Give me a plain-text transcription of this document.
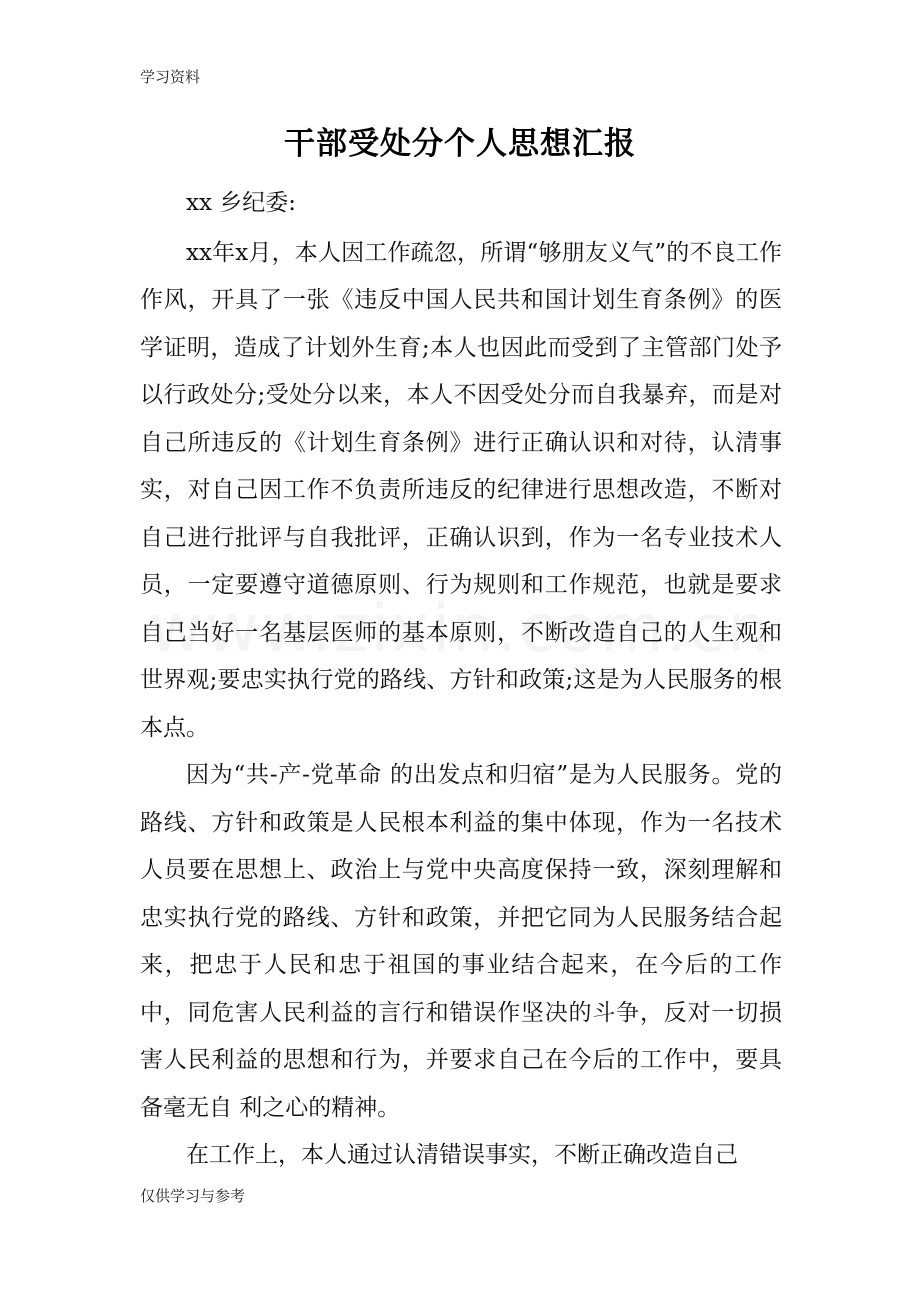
学习资料
干部受处分个人思想汇报

xx 乡纪委:

xx年x月，本人因工作疏忽，所谓“够朋友义气”的不良工作作风，开具了一张《违反中国人民共和国计划生育条例》的医学证明，造成了计划外生育;本人也因此而受到了主管部门处予以行政处分;受处分以来，本人不因受处分而自我暴弃，而是对自己所违反的《计划生育条例》进行正确认识和对待，认清事实，对自己因工作不负责所违反的纪律进行思想改造，不断对自己进行批评与自我批评，正确认识到，作为一名专业技术人员，一定要遵守道德原则、行为规则和工作规范，也就是要求自己当好一名基层医师的基本原则，不断改造自己的人生观和世界观;要忠实执行党的路线、方针和政策;这是为人民服务的根本点。

因为“共-产-党革命 的出发点和归宿”是为人民服务。党的路线、方针和政策是人民根本利益的集中体现，作为一名技术人员要在思想上、政治上与党中央高度保持一致，深刻理解和忠实执行党的路线、方针和政策，并把它同为人民服务结合起来，把忠于人民和忠于祖国的事业结合起来，在今后的工作中，同危害人民利益的言行和错误作坚决的斗争，反对一切损害人民利益的思想和行为，并要求自己在今后的工作中，要具备毫无自 利之心的精神。

在工作上，本人通过认清错误事实，不断正确改造自己

仅供学习与参考
